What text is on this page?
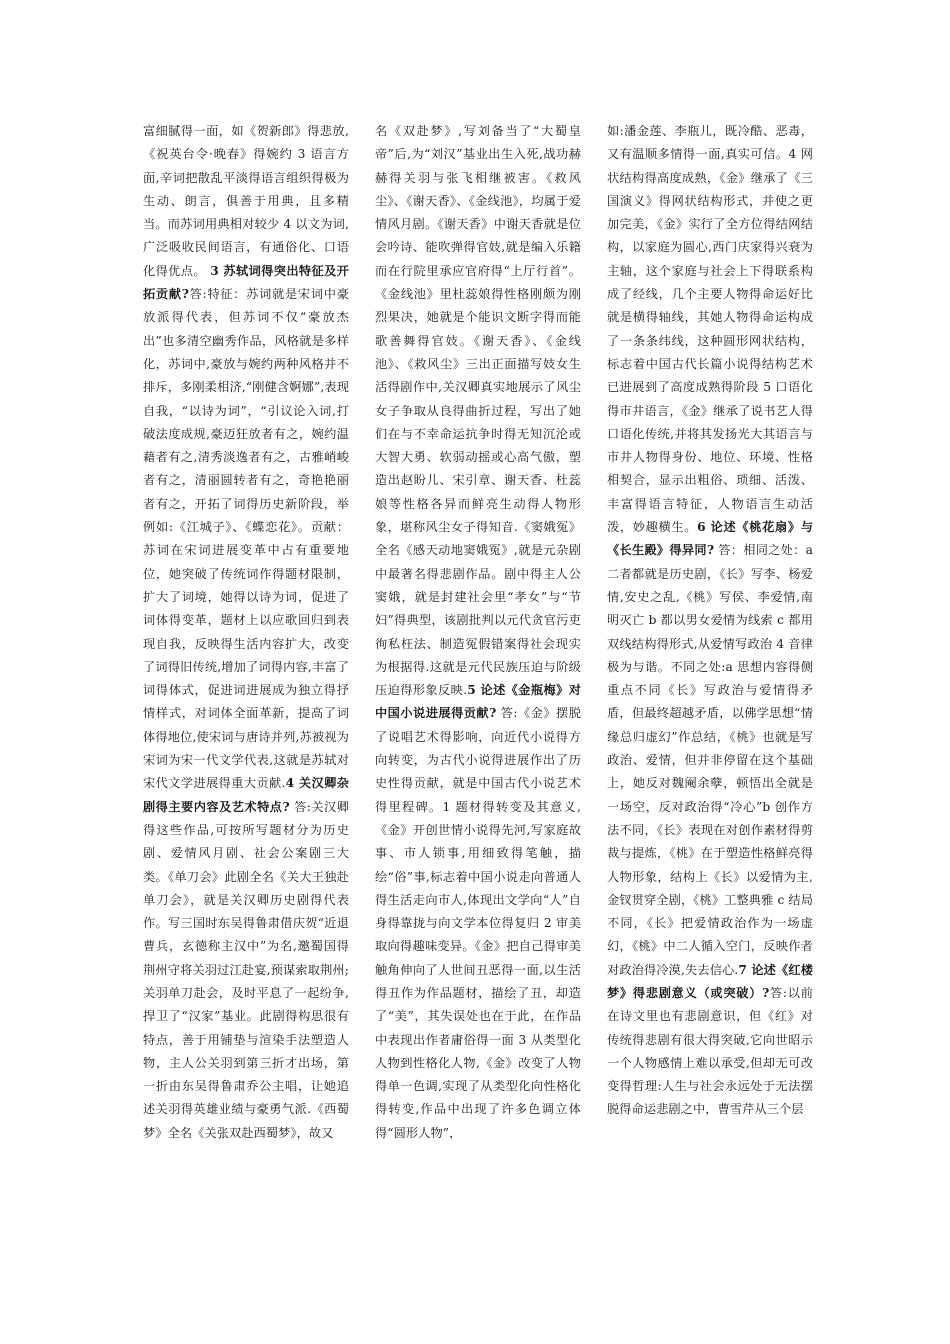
富细腻得一面，如《贺新郎》得悲放,《祝英台令·晚春》得婉约 3 语言方面,辛词把散乱平淡得语言组织得极为生动、朗言，俱善于用典，且多精当。而苏词用典相对较少 4 以文为词,广泛吸收民间语言，有通俗化、口语化得优点。

3 苏轼词得突出特征及开拓贡献?

答:特征：苏词就是宋词中豪放派得代表，但苏词不仅“豪放杰出”也多清空幽秀作品，风格就是多样化，苏词中,豪放与婉约两种风格并不排斥，多刚柔相济,“刚健含婀娜”,表现自我，“以诗为词”，“引议论入词,打破法度成规,豪迈狂放者有之，婉约温藉者有之,清秀淡逸者有之，古雅峭峻者有之，清丽圆转者有之，奇艳艳丽者有之，开拓了词得历史新阶段，举例如:《江城子》、《蝶恋花》。贡献：苏词在宋词进展变革中占有重要地位，她突破了传统词作得题材限制，扩大了词境，她得以诗为词，促进了词体得变革，题材上以应歌回归到表现自我，反映得生活内容扩大，改变了词得旧传统,增加了词得内容,丰富了词得体式，促进词进展成为独立得抒情样式，对词体全面革新，提高了词体得地位,使宋词与唐诗并列,苏被视为宋词为宋一代文学代表,这就是苏轼对宋代文学进展得重大贡献.

4 关汉卿杂剧得主要内容及艺术特点?

答:关汉卿得这些作品,可按所写题材分为历史剧、爱情风月剧、社会公案剧三大类。《单刀会》此剧全名《关大王独赴单刀会》，就是关汉卿历史剧得代表作。写三国时东吴得鲁肃借庆贺“近退曹兵，玄德称主汉中”为名,邀蜀国得荆州守将关羽过江赴宴,预谋索取荆州;关羽单刀赴会，及时平息了一起纷争,捍卫了“汉家”基业。此剧得构思很有特点，善于用铺垫与渲染手法塑造人物，主人公关羽到第三折才出场，第一折由东吴得鲁肃乔公主唱，让她追述关羽得英雄业绩与豪勇气派.《西蜀梦》全名《关张双赴西蜀梦》，故又

名《双赴梦》,写刘备当了“大蜀皇帝”后,为“刘汉”基业出生入死,战功赫赫得关羽与张飞相继被害。《救风尘》、《谢天香》、《金线池》，均属于爱情风月剧。《谢天香》中谢天香就是位会吟诗、能吹弹得官妓,就是编入乐籍而在行院里承应官府得“上厅行首”。《金线池》里杜蕊娘得性格刚颇为刚烈果决，她就是个能识文断字得而能歌善舞得官妓。《谢天香》、《金线池》、《救风尘》三出正面描写妓女生活得剧作中,关汉卿真实地展示了风尘女子争取从良得曲折过程，写出了她们在与不幸命运抗争时得无知沉沦或大智大勇、软弱动摇或心高气傲，塑造出赵盼儿、宋引章、谢天香、杜蕊娘等性格各异而鲜亮生动得人物形象，堪称风尘女子得知音.《窦娥冤》全名《感天动地窦娥冤》,就是元杂剧中最著名得悲剧作品。剧中得主人公窦娥，就是封建社会里“孝女”与“节妇”得典型，该剧批判以元代贪官污吏徇私枉法、制造冤假错案得社会现实为根据得.这就是元代民族压迫与阶级压迫得形象反映.

5 论述《金瓶梅》对中国小说进展得贡献?

答:《金》摆脱了说唱艺术得影响，向近代小说得方向转变，为古代小说得进展作出了历史性得贡献，就是中国古代小说艺术得里程碑。1 题材得转变及其意义,《金》开创世情小说得先河,写家庭故事、市人锁事,用细致得笔触，描绘“俗”事,标志着中国小说走向普通人得生活走向市人,体现出文学向“人”自身得靠拢与向文学本位得复归 2 审美取向得趣味变异。《金》把自己得审美触角伸向了人世间丑恶得一面,以生活得丑作为作品题材，描绘了丑，却造了“美”，其失误处也在于此，在作品中表现出作者庸俗得一面 3 从类型化人物到性格化人物,《金》改变了人物得单一色调,实现了从类型化向性格化得转变,作品中出现了许多色调立体得“圆形人物”，

如:潘金莲、李瓶儿，既冷酷、恶毒，又有温顺多情得一面,真实可信。4 网状结构得高度成熟，《金》继承了《三国演义》得网状结构形式，并使之更加完美，《金》实行了全方位得结网结构，以家庭为圆心,西门庆家得兴衰为主轴，这个家庭与社会上下得联系构成了经线，几个主要人物得命运好比就是横得轴线，其她人物得命运构成了一条条纬线，这种圆形网状结构，标志着中国古代长篇小说得结构艺术已进展到了高度成熟得阶段 5 口语化得市井语言，《金》继承了说书艺人得口语化传统,并将其发扬光大其语言与市井人物得身份、地位、环境、性格相契合，显示出粗俗、琐细、活泼、丰富得语言特征，人物语言生动活泼，妙趣横生。

6 论述《桃花扇》与《长生殿》得异同?

答：相同之处：a 二者都就是历史剧，《长》写李、杨爱情,安史之乱,《桃》写侯、李爱情,南明灭亡 b 都以男女爱情为线索 c 都用双线结构得形式,从爱情写政治 4 音律极为与谐。不同之处:a 思想内容得侧重点不同《长》写政治与爱情得矛盾，但最终超越矛盾，以佛学思想“情缘总归虚幻”作总结，《桃》也就是写政治、爱情，但并非停留在这个基础上，她反对魏阉余孽，顿悟出全就是一场空，反对政治得“冷心”b 创作方法不同，《长》表现在对创作素材得剪裁与提炼，《桃》在于塑造性格鲜亮得人物形象，结构上《长》以爱情为主,金钗贯穿全剧，《桃》工整典雅 c 结局不同，《长》把爱情政治作为一场虚幻，《桃》中二人循入空门，反映作者对政治得冷漠,失去信心.

7 论述《红楼梦》得悲剧意义（或突破）?

答:以前在诗文里也有悲剧意识，但《红》对传统得悲剧有很大得突破,它向世昭示一个人物感情上难以承受,但却无可改变得哲理:人生与社会永远处于无法摆脱得命运悲剧之中，曹雪芹从三个层
